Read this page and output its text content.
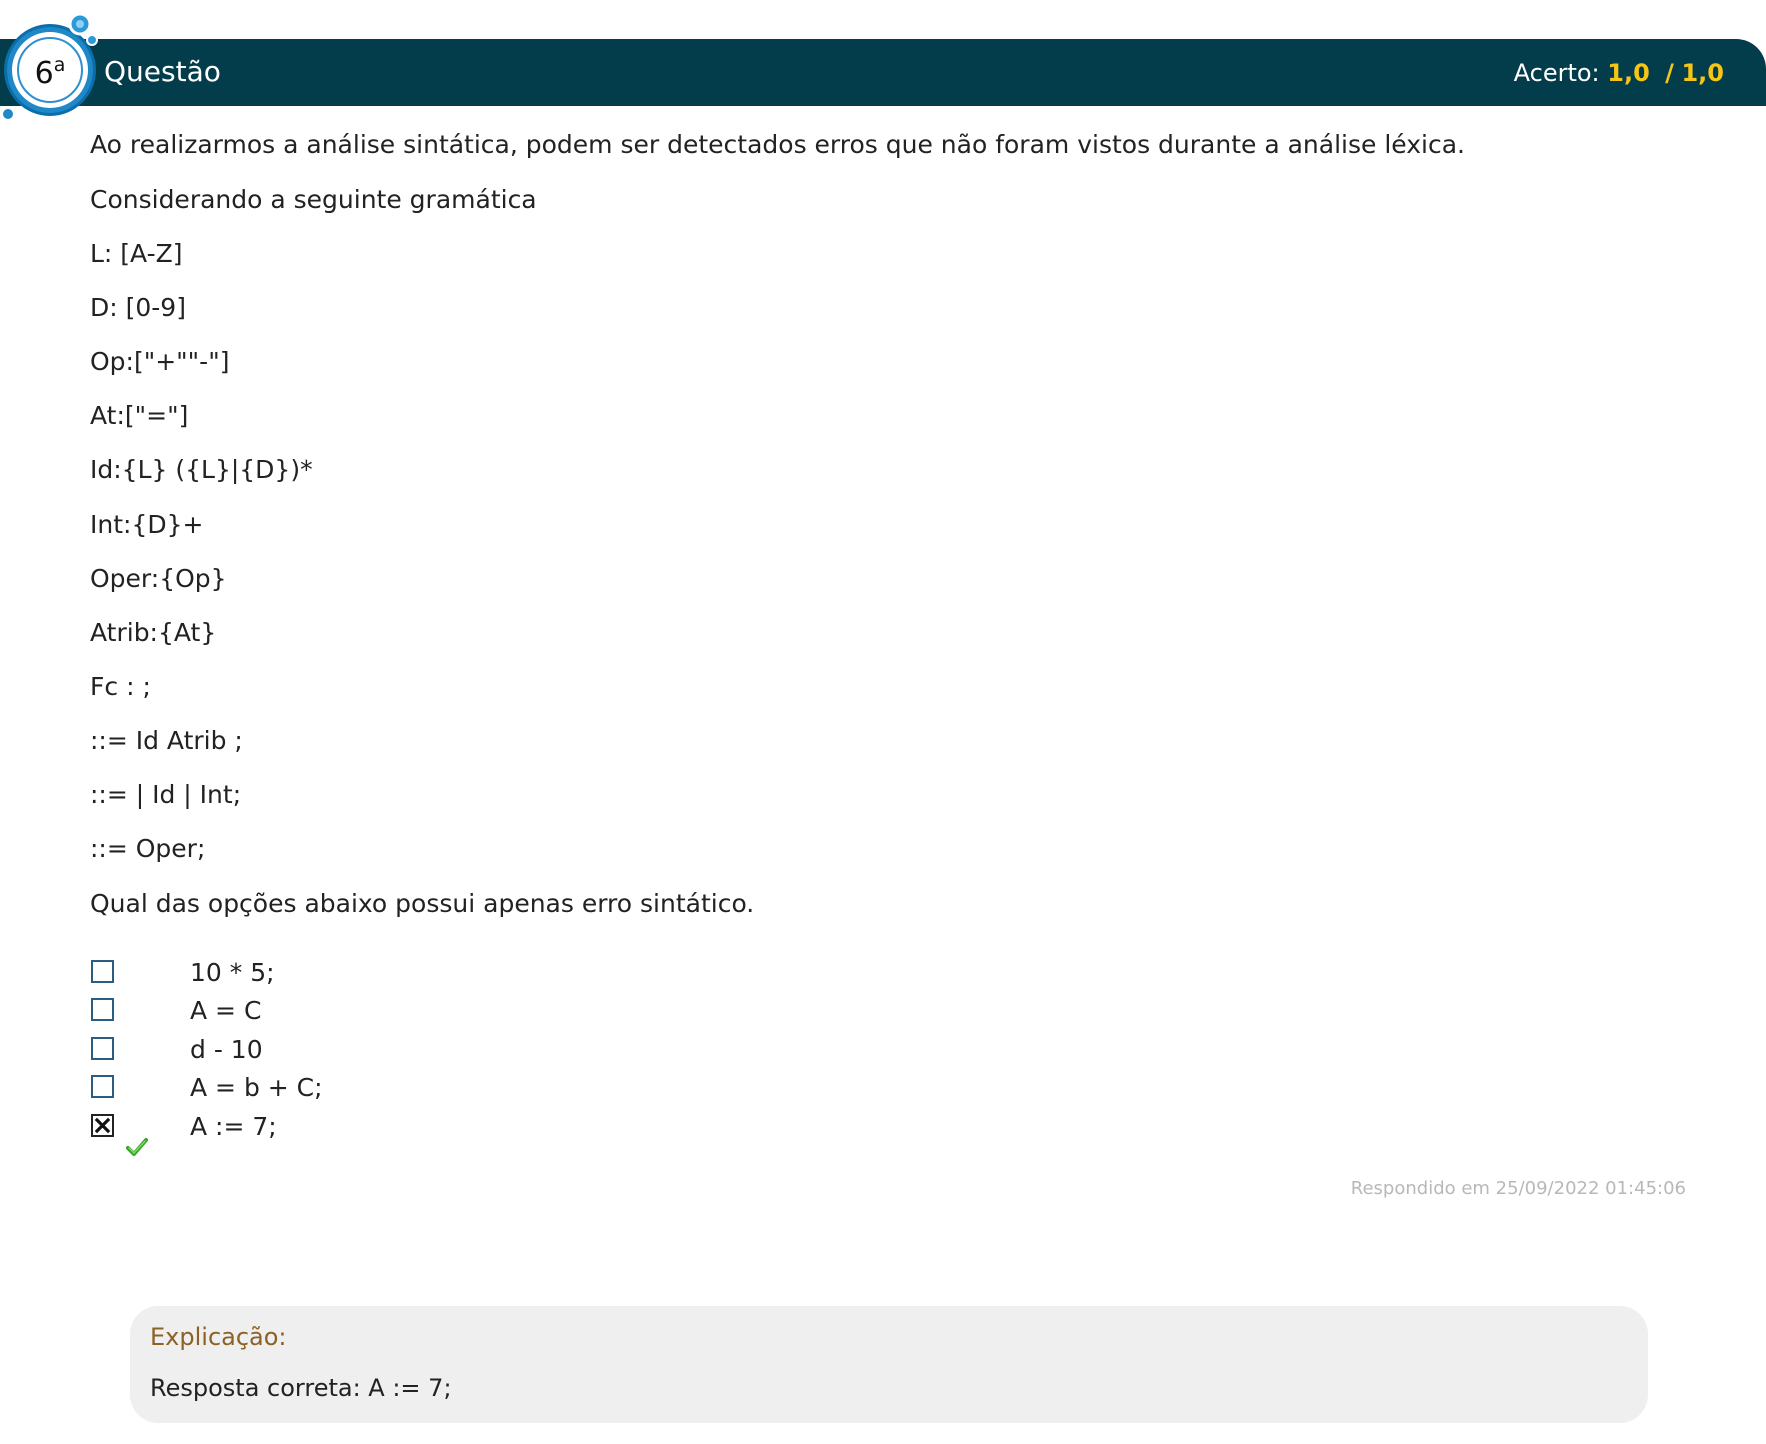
6$^a$	Questão	Acerto: 1,0 / 1,0
Ao realizarmos a análise sintática, podem ser detectados erros que não foram vistos durante a análise léxica.
Considerando a seguinte gramática
L: [A-Z]
D: [0-9]
Op:["+""-"]
At:["="]
Id:{L} ({L}|{D})*
Int:{D}+
Oper:{Op}
Atrib:{At}
Fc : ;
::= Id Atrib ;
::= | Id | Int;
::= Oper;
Qual das opções abaixo possui apenas erro sintático.
10 * 5;
A = C
d - 10
A = b + C;
A := 7;
Respondido em 25/09/2022 01:45:06
Explicação:
Resposta correta: A := 7;
